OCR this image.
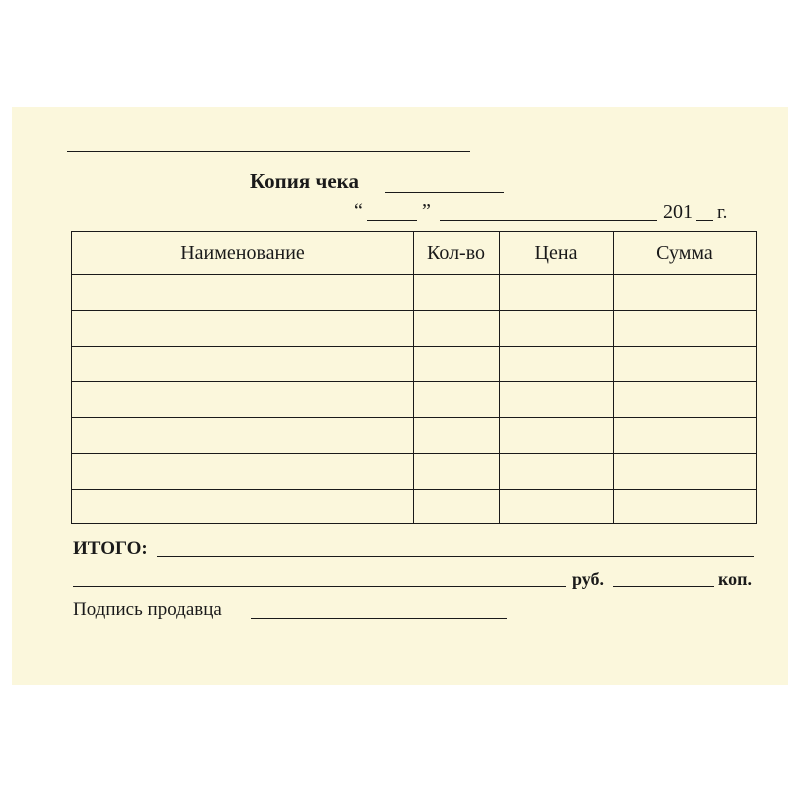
Копия чека
“	”	201 г.
Наименование	Кол-во	Цена	Сумма
ИТОГО:
руб.	коп.
Подпись продавца
